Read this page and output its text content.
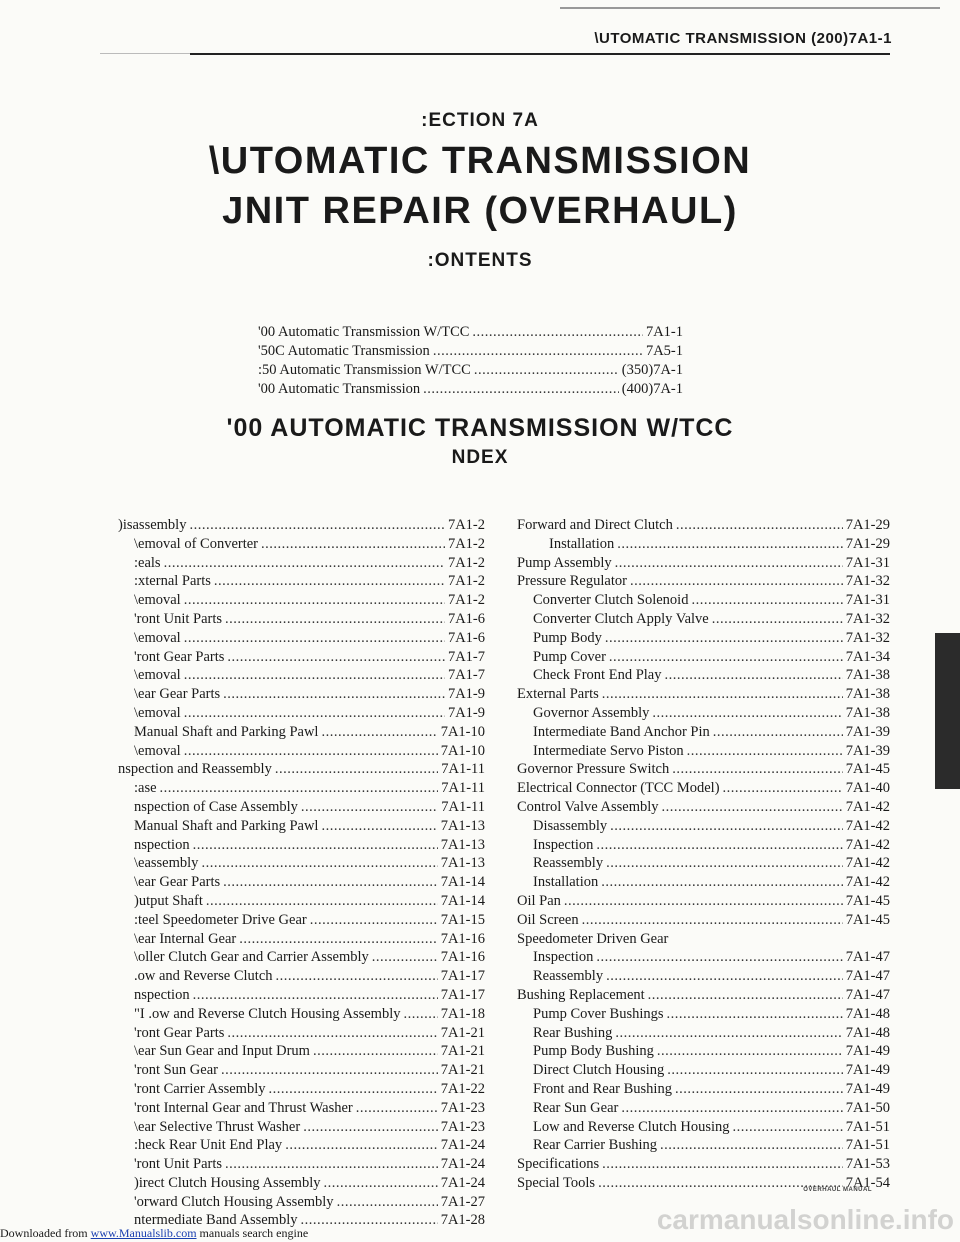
\UTOMATIC TRANSMISSION (200)7A1-1
:ECTION 7A
\UTOMATIC TRANSMISSION
JNIT REPAIR (OVERHAUL)
:ONTENTS
'00 Automatic Transmission W/TCC .....	7A1-1
'50C Automatic Transmission .....	7A5-1
:50 Automatic Transmission W/TCC .....	(350)7A-1
'00 Automatic Transmission .....	(400)7A-1
'00 AUTOMATIC TRANSMISSION W/TCC
NDEX
)isassembly .....	7A1-2
\emoval of Converter .....	7A1-2
:eals .....	7A1-2
:xternal Parts .....	7A1-2
\emoval .....	7A1-2
'ront Unit Parts .....	7A1-6
\emoval .....	7A1-6
'ront Gear Parts .....	7A1-7
\emoval .....	7A1-7
\ear Gear Parts .....	7A1-9
\emoval .....	7A1-9
Manual Shaft and Parking Pawl .....	7A1-10
\emoval .....	7A1-10
nspection and Reassembly .....	7A1-11
:ase .....	7A1-11
nspection of Case Assembly .....	7A1-11
Manual Shaft and Parking Pawl .....	7A1-13
nspection .....	7A1-13
\eassembly .....	7A1-13
\ear Gear Parts .....	7A1-14
)utput Shaft .....	7A1-14
:teel Speedometer Drive Gear .....	7A1-15
\ear Internal Gear .....	7A1-16
\oller Clutch Gear and Carrier Assembly .....	7A1-16
.ow and Reverse Clutch .....	7A1-17
nspection .....	7A1-17
"I .ow and Reverse Clutch Housing Assembly .....	7A1-18
'ront Gear Parts .....	7A1-21
\ear Sun Gear and Input Drum .....	7A1-21
'ront Sun Gear .....	7A1-21
'ront Carrier Assembly .....	7A1-22
'ront Internal Gear and Thrust Washer .....	7A1-23
\ear Selective Thrust Washer .....	7A1-23
:heck Rear Unit End Play .....	7A1-24
'ront Unit Parts .....	7A1-24
)irect Clutch Housing Assembly .....	7A1-24
'orward Clutch Housing Assembly .....	7A1-27
ntermediate Band Assembly .....	7A1-28
Forward and Direct Clutch .....	7A1-29
Installation .....	7A1-29
Pump Assembly .....	7A1-31
Pressure Regulator .....	7A1-32
Converter Clutch Solenoid .....	7A1-31
Converter Clutch Apply Valve .....	7A1-32
Pump Body .....	7A1-32
Pump Cover .....	7A1-34
Check Front End Play .....	7A1-38
External Parts .....	7A1-38
Governor Assembly .....	7A1-38
Intermediate Band Anchor Pin .....	7A1-39
Intermediate Servo Piston .....	7A1-39
Governor Pressure Switch .....	7A1-45
Electrical Connector (TCC Model) .....	7A1-40
Control Valve Assembly .....	7A1-42
Disassembly .....	7A1-42
Inspection .....	7A1-42
Reassembly .....	7A1-42
Installation .....	7A1-42
Oil Pan .....	7A1-45
Oil Screen .....	7A1-45
Speedometer Driven Gear
Inspection .....	7A1-47
Reassembly .....	7A1-47
Bushing Replacement .....	7A1-47
Pump Cover Bushings .....	7A1-48
Rear Bushing .....	7A1-48
Pump Body Bushing .....	7A1-49
Direct Clutch Housing .....	7A1-49
Front and Rear Bushing .....	7A1-49
Rear Sun Gear .....	7A1-50
Low and Reverse Clutch Housing .....	7A1-51
Rear Carrier Bushing .....	7A1-51
Specifications .....	7A1-53
Special Tools .....	7A1-54
OVERHAUL MANUAL
Downloaded from www.Manualslib.com manuals search engine	carmanualsonline.info
